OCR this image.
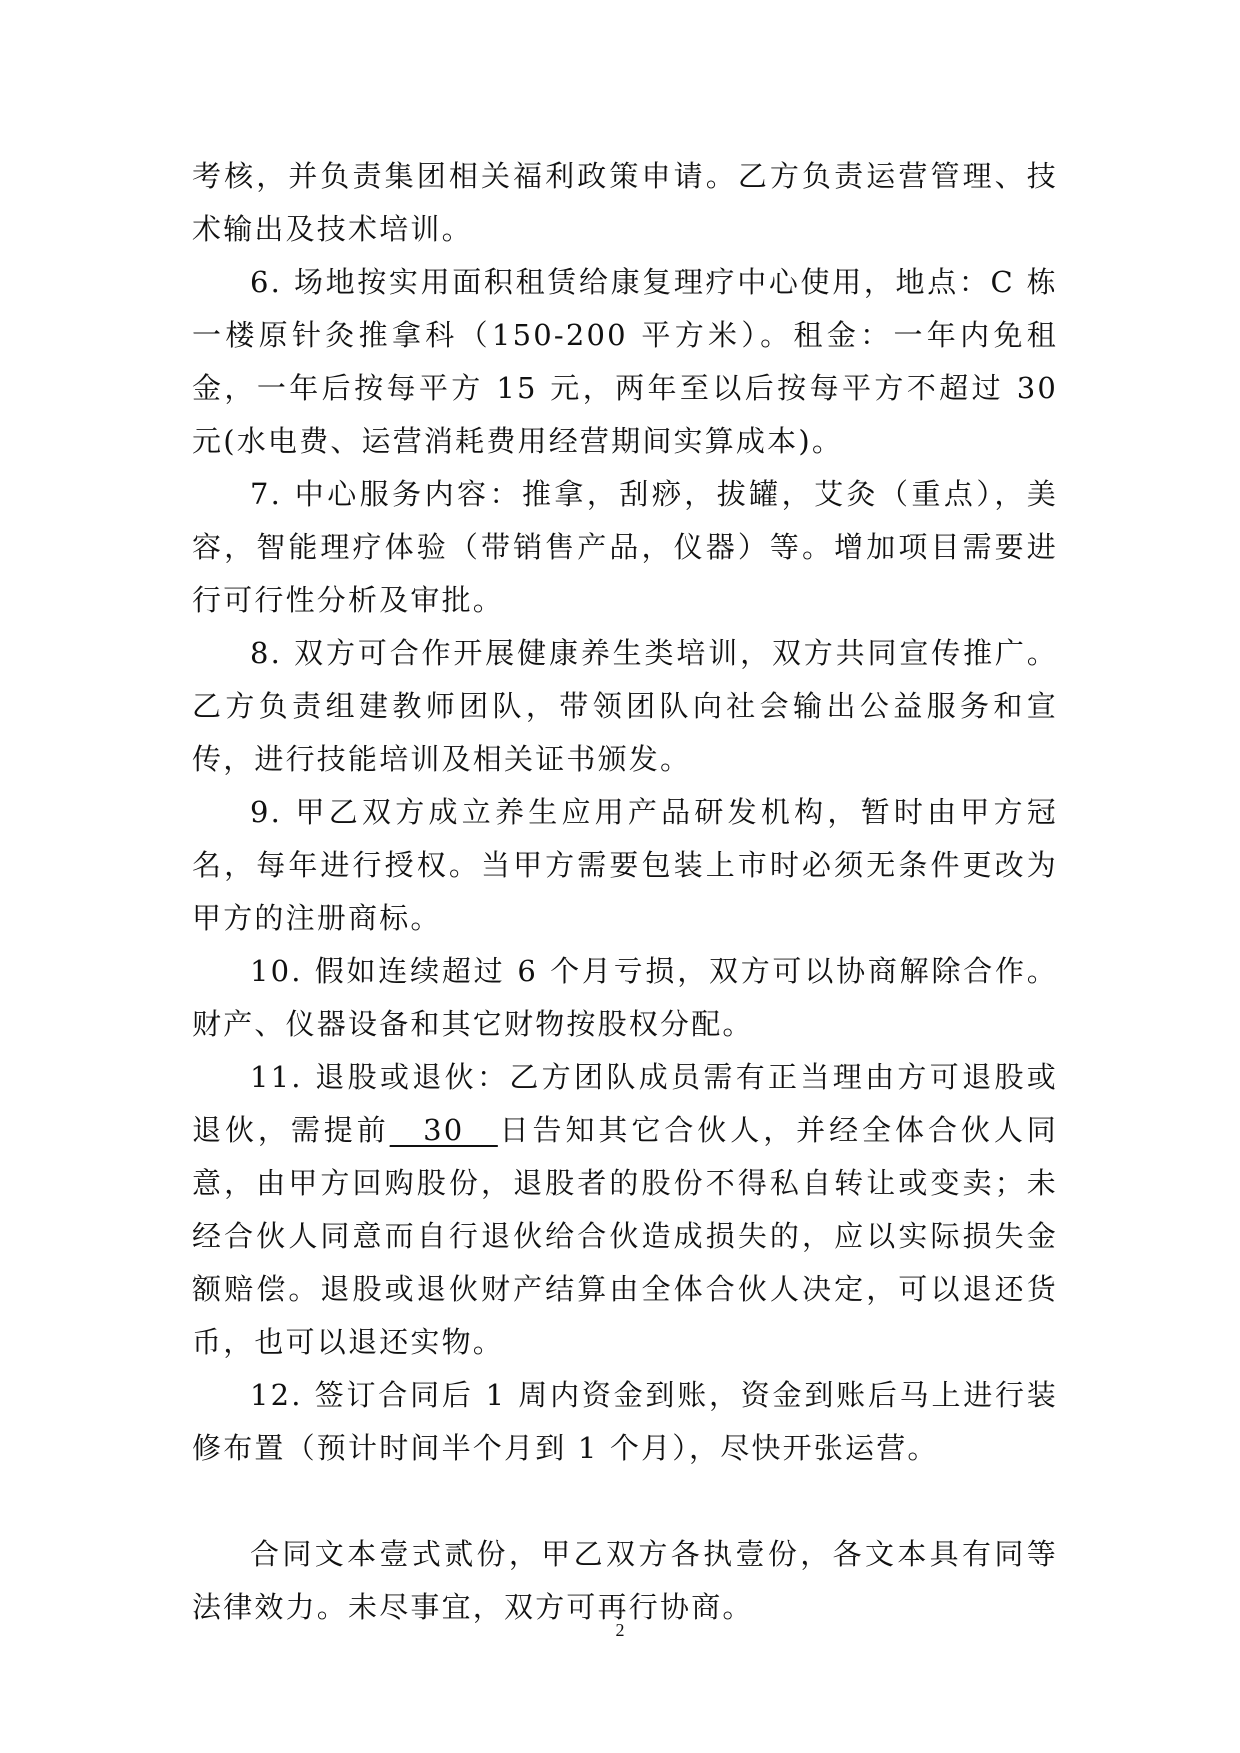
考核，并负责集团相关福利政策申请。乙方负责运营管理、技术输出及技术培训。

6. 场地按实用面积租赁给康复理疗中心使用，地点：C 栋一楼原针灸推拿科（150-200 平方米）。租金：一年内免租金，一年后按每平方 15 元，两年至以后按每平方不超过 30 元(水电费、运营消耗费用经营期间实算成本)。

7. 中心服务内容：推拿，刮痧，拔罐，艾灸（重点），美容，智能理疗体验（带销售产品，仪器）等。增加项目需要进行可行性分析及审批。

8. 双方可合作开展健康养生类培训，双方共同宣传推广。乙方负责组建教师团队，带领团队向社会输出公益服务和宣传，进行技能培训及相关证书颁发。

9. 甲乙双方成立养生应用产品研发机构，暂时由甲方冠名，每年进行授权。当甲方需要包装上市时必须无条件更改为甲方的注册商标。

10. 假如连续超过 6 个月亏损，双方可以协商解除合作。财产、仪器设备和其它财物按股权分配。

11. 退股或退伙：乙方团队成员需有正当理由方可退股或退伙，需提前__30__日告知其它合伙人，并经全体合伙人同意，由甲方回购股份，退股者的股份不得私自转让或变卖；未经合伙人同意而自行退伙给合伙造成损失的，应以实际损失金额赔偿。退股或退伙财产结算由全体合伙人决定，可以退还货币，也可以退还实物。

12. 签订合同后 1 周内资金到账，资金到账后马上进行装修布置（预计时间半个月到 1 个月），尽快开张运营。

合同文本壹式贰份，甲乙双方各执壹份，各文本具有同等法律效力。未尽事宜，双方可再行协商。

2
